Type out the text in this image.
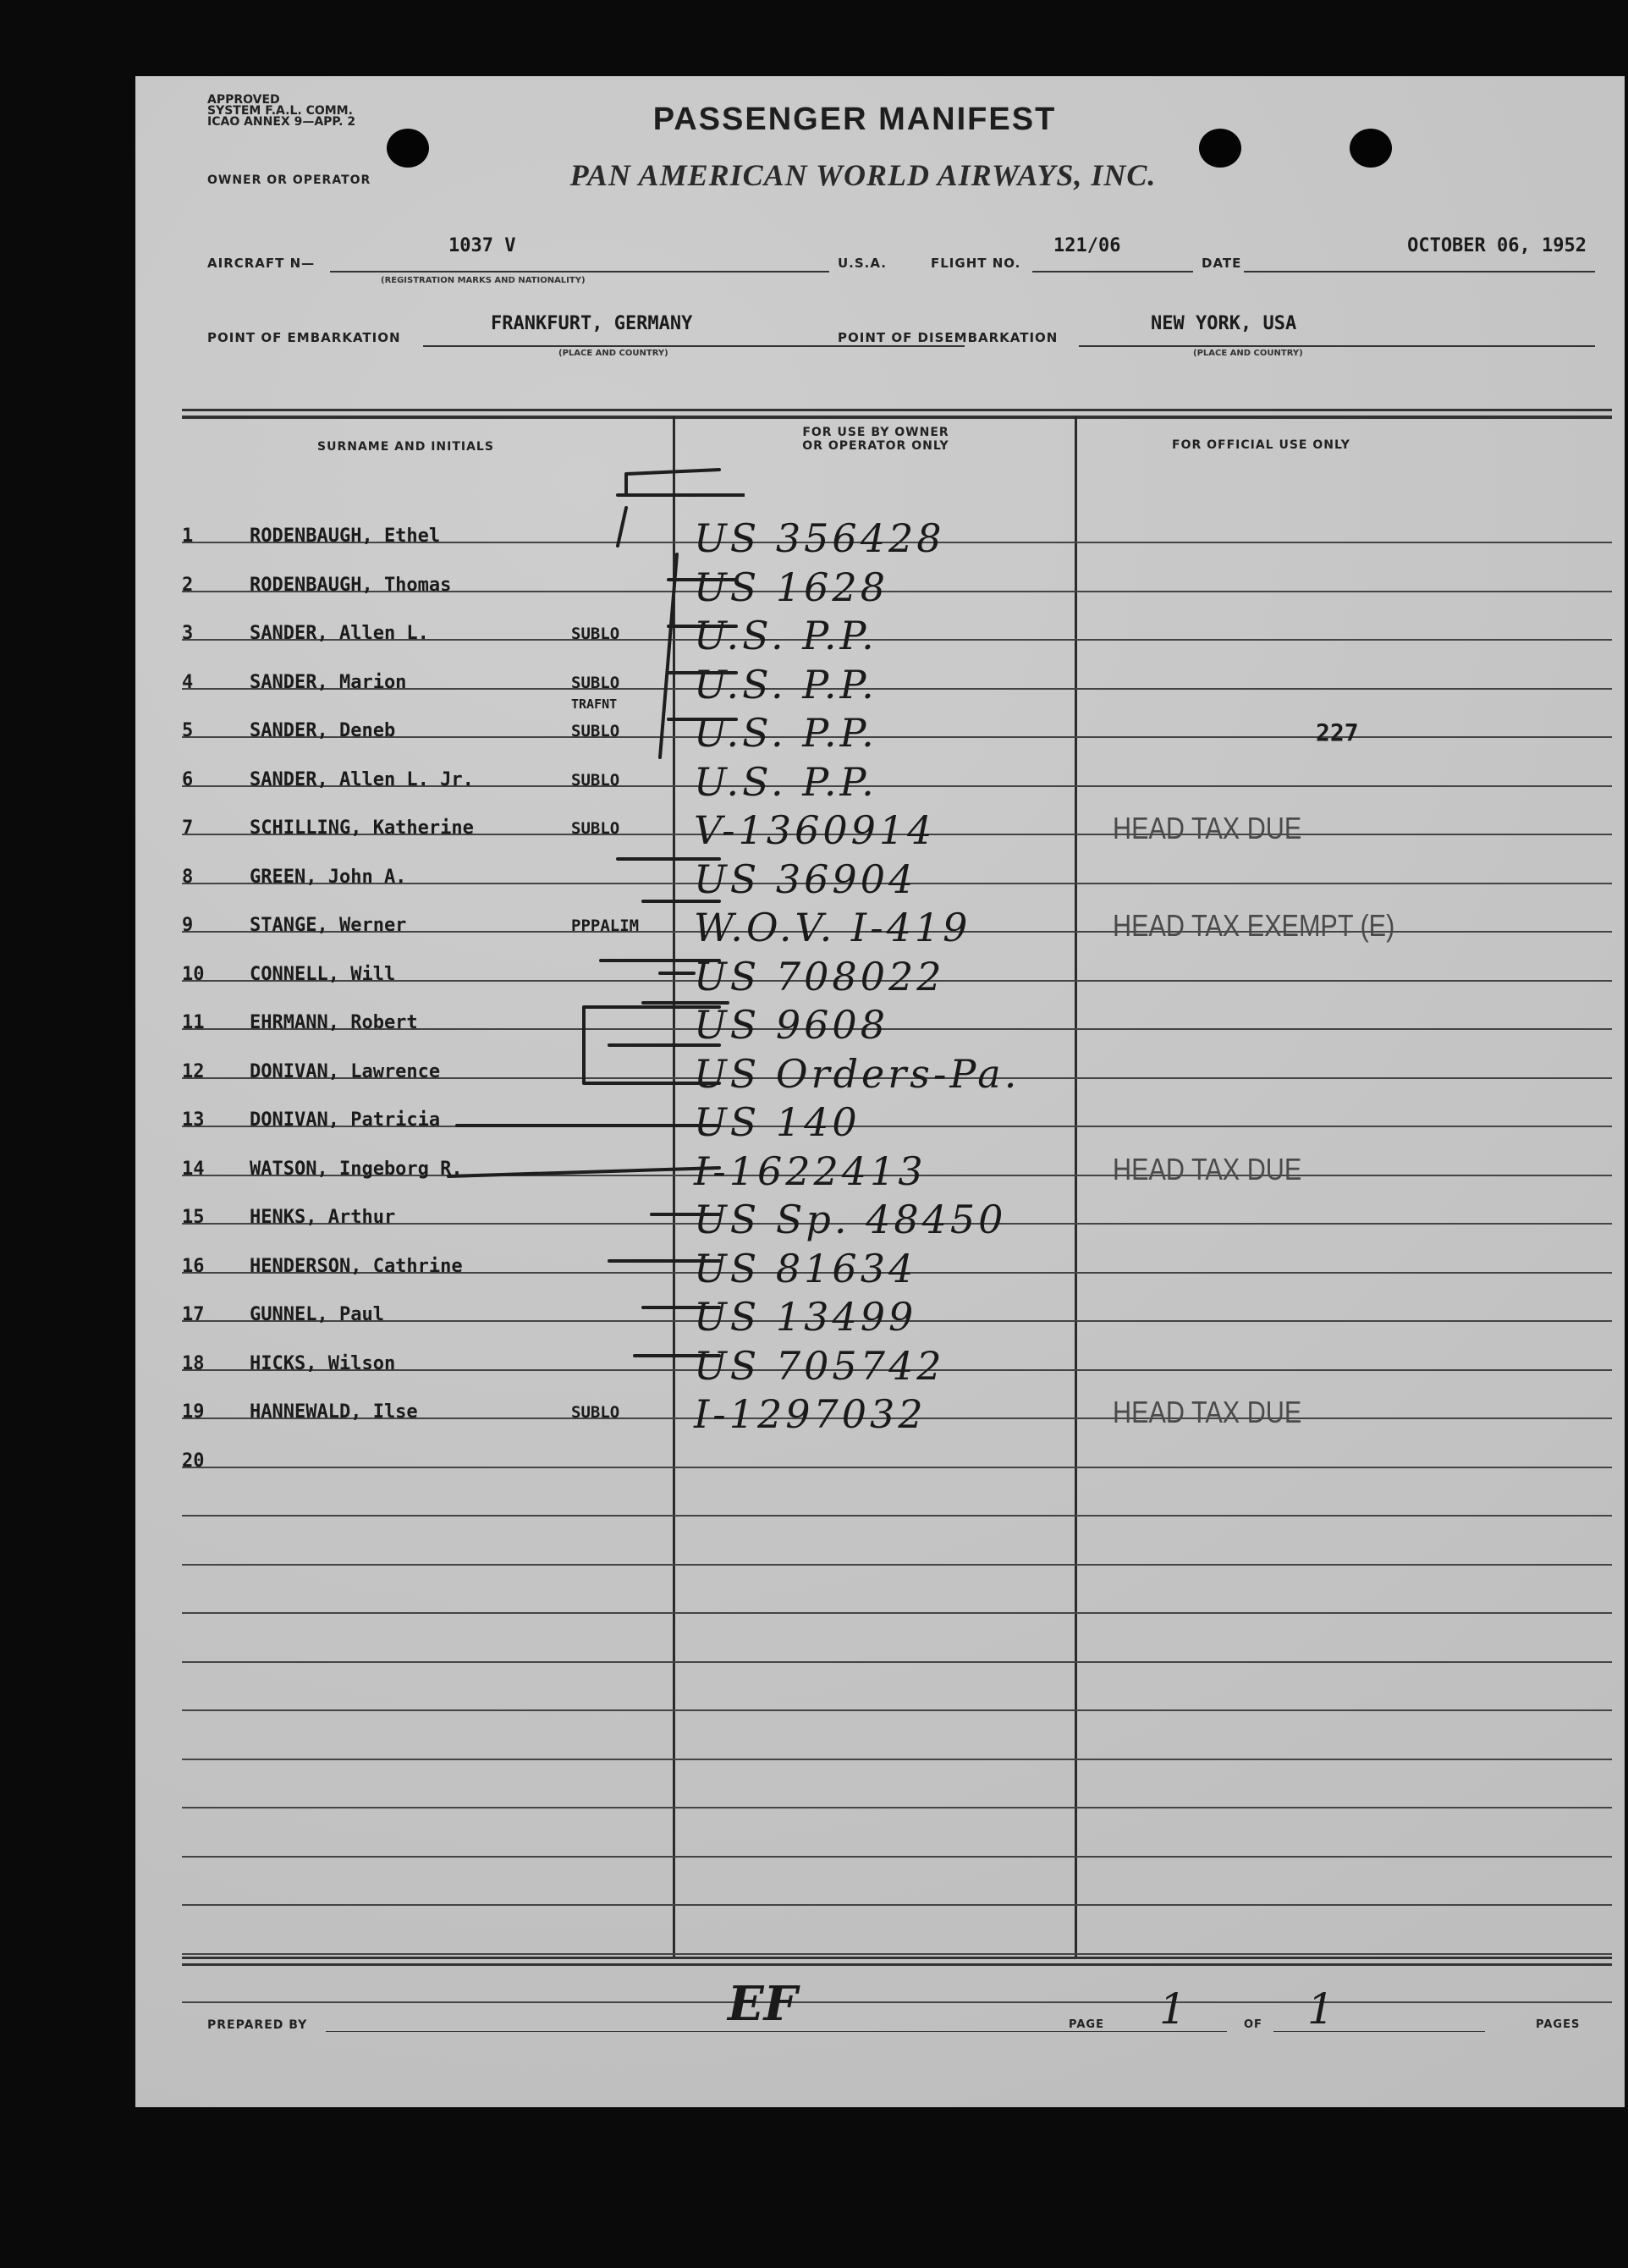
APPROVED
SYSTEM F.A.L. COMM.
ICAO ANNEX 9—APP. 2
OWNER OR OPERATOR
PASSENGER MANIFEST
PAN AMERICAN WORLD AIRWAYS, INC.
AIRCRAFT N—
1037 V
(REGISTRATION MARKS AND NATIONALITY)
U.S.A.	FLIGHT NO.
121/06
DATE
OCTOBER 06, 1952
POINT OF EMBARKATION
FRANKFURT, GERMANY
(PLACE AND COUNTRY)
POINT OF DISEMBARKATION
NEW YORK, USA
(PLACE AND COUNTRY)
SURNAME AND INITIALS
FOR USE BY OWNER
OR OPERATOR ONLY	FOR OFFICIAL USE ONLY
1	RODENBAUGH, Ethel	US 356428
2	RODENBAUGH, Thomas	US 1628
3	SANDER, Allen L.	SUBLO U.S. P.P.
4	SANDER, Marion	SUBLO U.S. P.P.
5	SANDER, Deneb	SUBLO U.S. P.P.	227
6	SANDER, Allen L. Jr.	SUBLO U.S. P.P.
7	SCHILLING, Katherine	SUBLO V-1360914	HEAD TAX DUE
8	GREEN, John A.	US 36904
9	STANGE, Werner	PPPALIM W.O.V. I-419	HEAD TAX EXEMPT (E)
10 CONNELL, Will	US 708022
11 EHRMANN, Robert	US 9608
12 DONIVAN, Lawrence	US Orders-Pa.
13 DONIVAN, Patricia	US 140
14 WATSON, Ingeborg R.	I-1622413	HEAD TAX DUE
15 HENKS, Arthur	US Sp. 48450
16 HENDERSON, Cathrine	US 81634
17 GUNNEL, Paul	US 13499
18 HICKS, Wilson	US 705742
19 HANNEWALD, Ilse	SUBLO I-1297032	HEAD TAX DUE
20
TRAFNT
PREPARED BY	EF	PAGE 1	OF 1	PAGES
